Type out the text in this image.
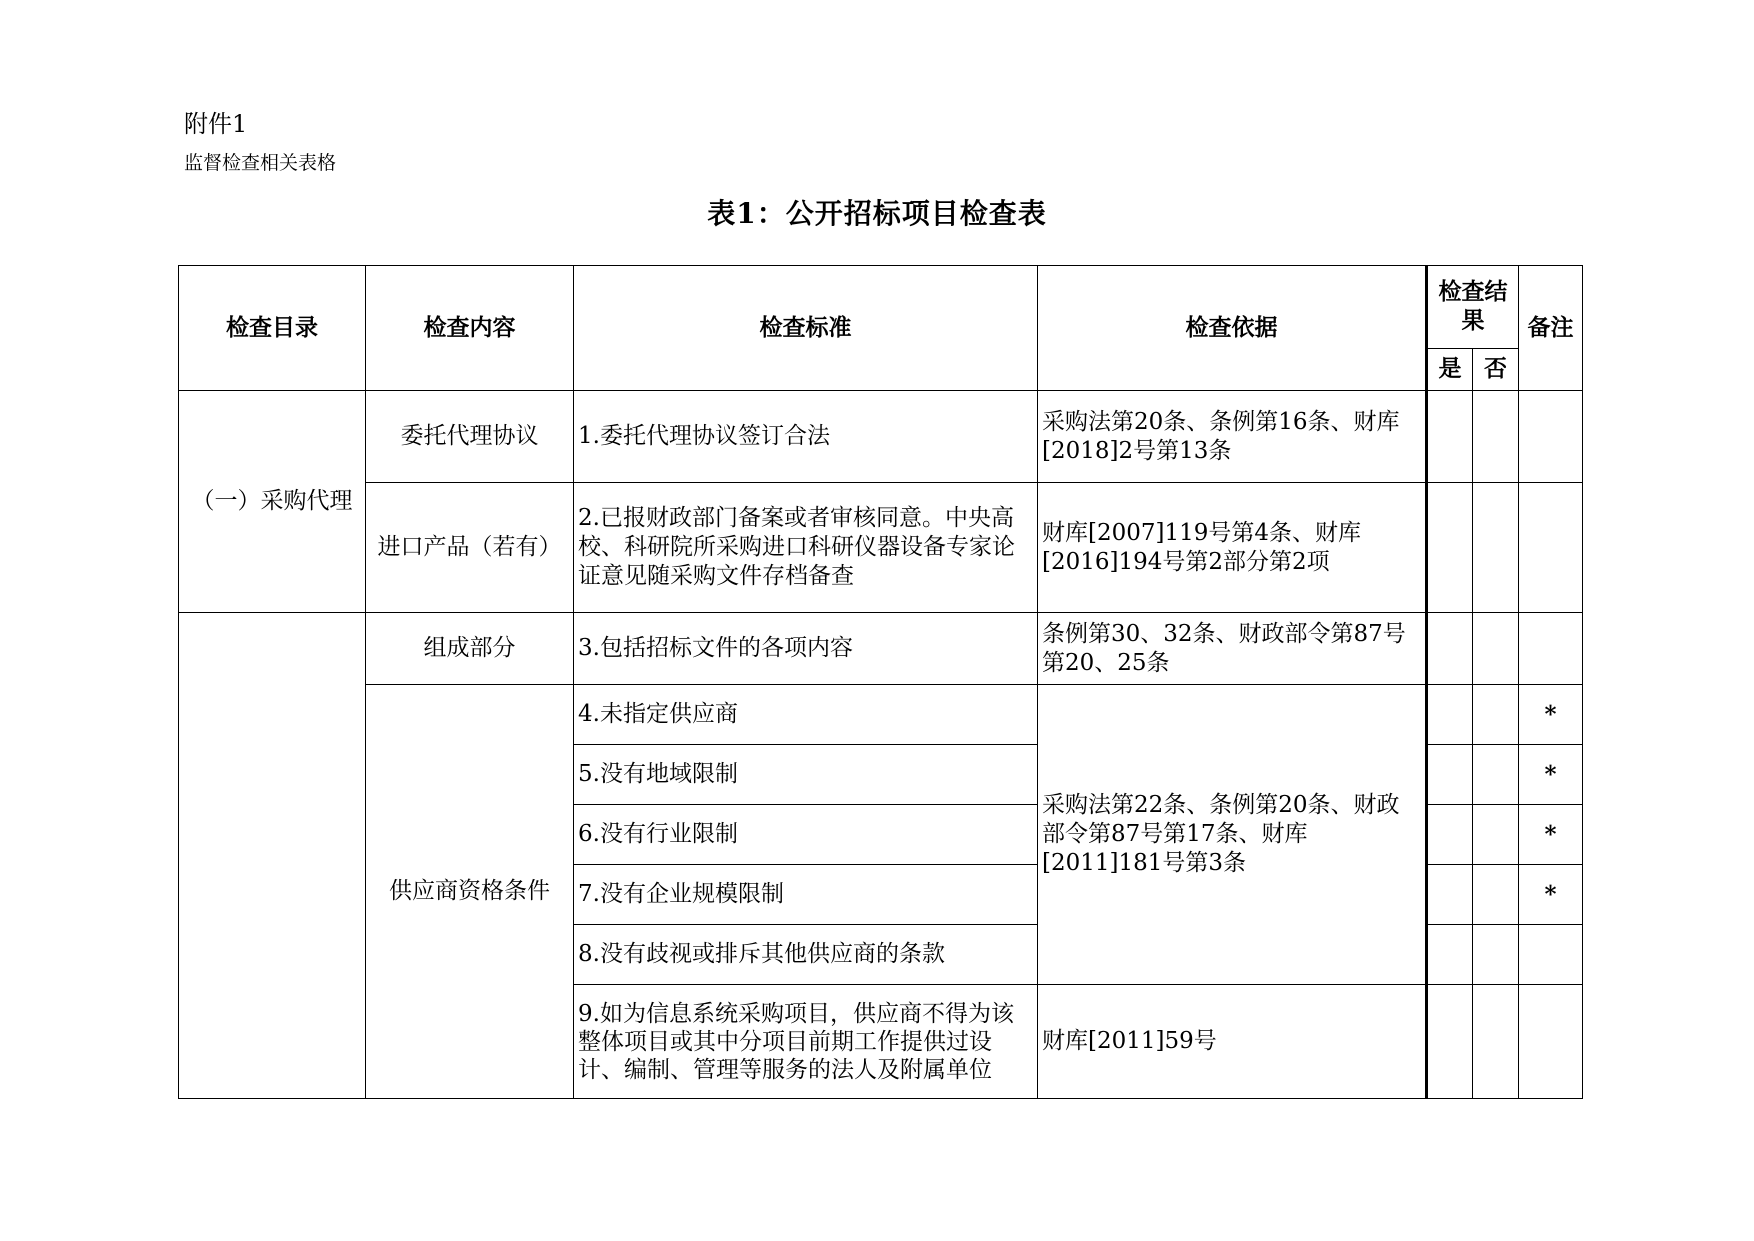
附件1
监督检查相关表格
表1：公开招标项目检查表
检查目录	检查内容	检查标准	检查依据	检查结果		备注
				是	否	
（一）采购代理	委托代理协议	1.委托代理协议签订合法	采购法第20条、条例第16条、财库[2018]2号第13条			
	进口产品（若有）	2.已报财政部门备案或者审核同意。中央高校、科研院所采购进口科研仪器设备专家论证意见随采购文件存档备查	财库[2007]119号第4条、财库[2016]194号第2部分第2项			
	组成部分	3.包括招标文件的各项内容	条例第30、32条、财政部令第87号第20、25条			
	供应商资格条件	4.未指定供应商	采购法第22条、条例第20条、财政部令第87号第17条、财库[2011]181号第3条			*
		5.没有地域限制				*
		6.没有行业限制				*
		7.没有企业规模限制				*
		8.没有歧视或排斥其他供应商的条款				
		9.如为信息系统采购项目，供应商不得为该整体项目或其中分项目前期工作提供过设计、编制、管理等服务的法人及附属单位	财库[2011]59号			
